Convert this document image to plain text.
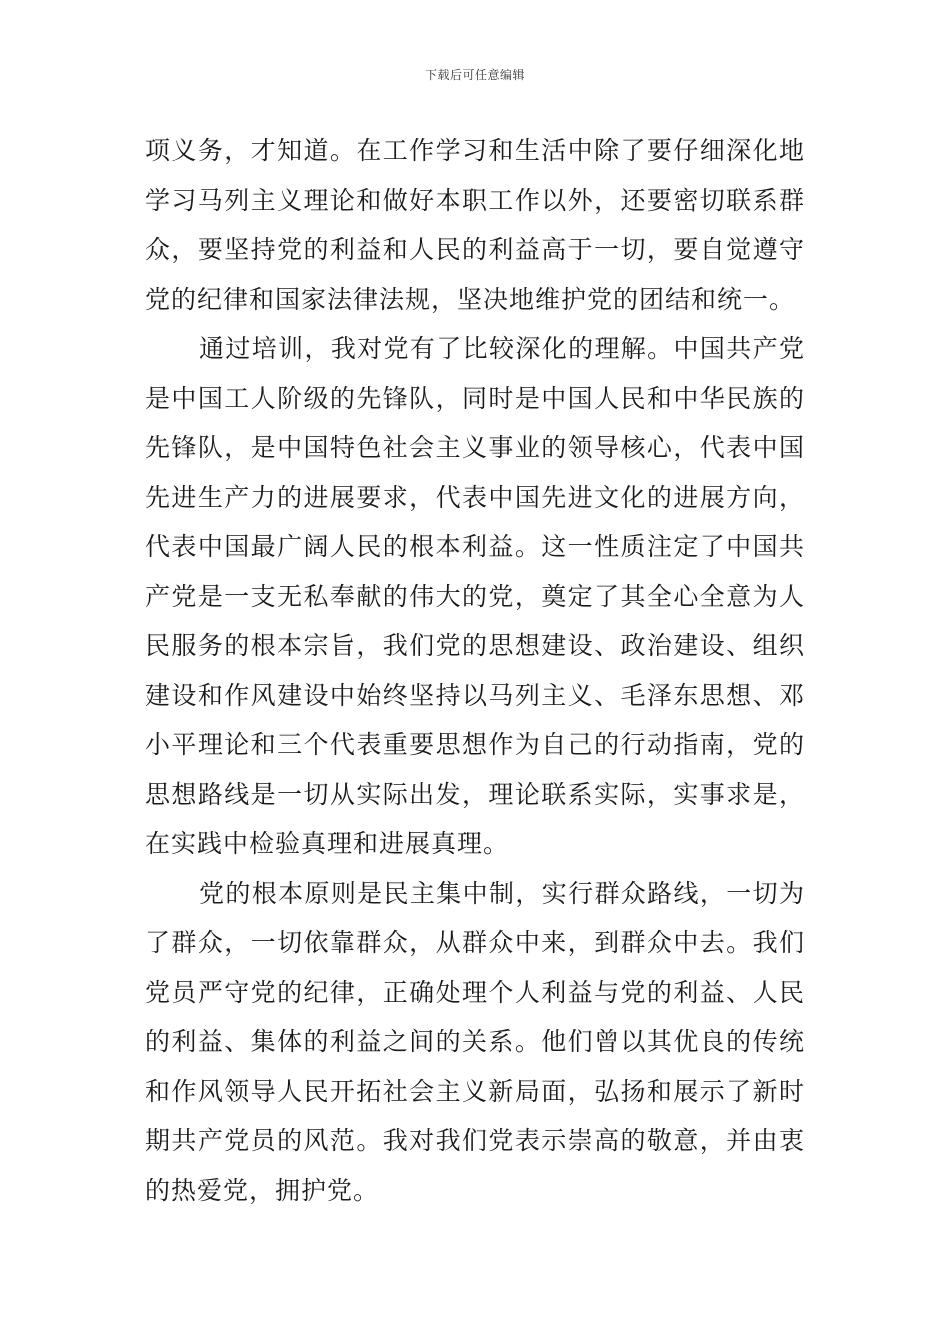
下载后可任意编辑
项义务，才知道。在工作学习和生活中除了要仔细深化地
学习马列主义理论和做好本职工作以外，还要密切联系群
众，要坚持党的利益和人民的利益高于一切，要自觉遵守
党的纪律和国家法律法规，坚决地维护党的团结和统一。
通过培训，我对党有了比较深化的理解。中国共产党
是中国工人阶级的先锋队，同时是中国人民和中华民族的
先锋队，是中国特色社会主义事业的领导核心，代表中国
先进生产力的进展要求，代表中国先进文化的进展方向，
代表中国最广阔人民的根本利益。这一性质注定了中国共
产党是一支无私奉献的伟大的党，奠定了其全心全意为人
民服务的根本宗旨，我们党的思想建设、政治建设、组织
建设和作风建设中始终坚持以马列主义、毛泽东思想、邓
小平理论和三个代表重要思想作为自己的行动指南，党的
思想路线是一切从实际出发，理论联系实际，实事求是，
在实践中检验真理和进展真理。
党的根本原则是民主集中制，实行群众路线，一切为
了群众，一切依靠群众，从群众中来，到群众中去。我们
党员严守党的纪律，正确处理个人利益与党的利益、人民
的利益、集体的利益之间的关系。他们曾以其优良的传统
和作风领导人民开拓社会主义新局面，弘扬和展示了新时
期共产党员的风范。我对我们党表示崇高的敬意，并由衷
的热爱党，拥护党。
